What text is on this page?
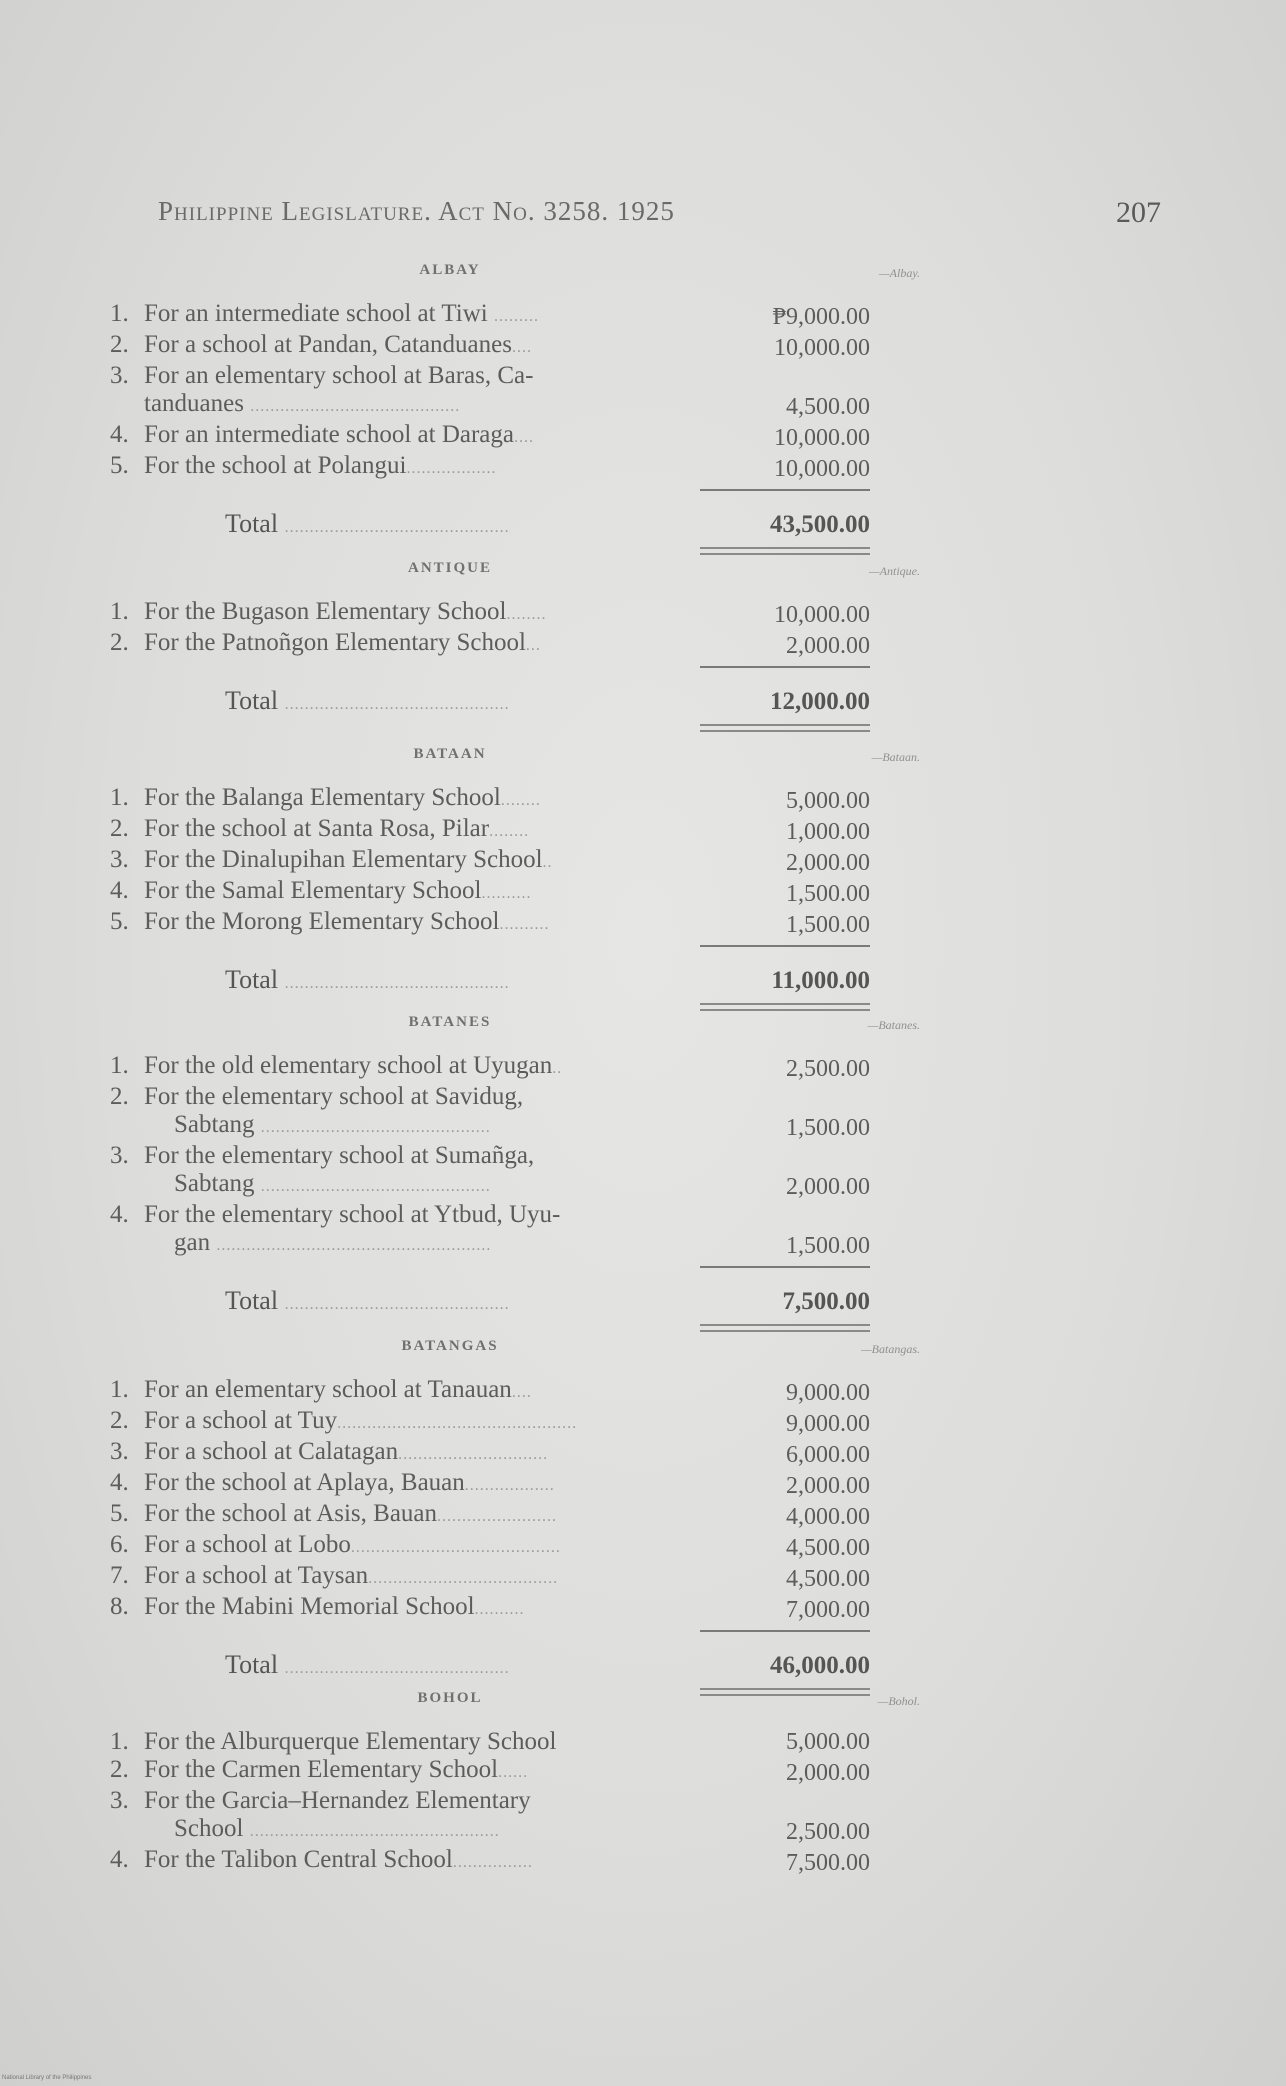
Philippine Legislature. Act No. 3258. 1925	207
ALBAY	—Albay.
1. For an intermediate school at Tiwi .........	₱9,000.00
2. For a school at Pandan, Catanduanes....	10,000.00
3. For an elementary school at Baras, Ca-
tanduanes ..........................................	4,500.00
4. For an intermediate school at Daraga....	10,000.00
5. For the school at Polangui..................	10,000.00
Total .............................................	43,500.00
ANTIQUE	—Antique.
1. For the Bugason Elementary School........	10,000.00
2. For the Patnoñgon Elementary School...	2,000.00
Total .............................................	12,000.00
BATAAN	—Bataan.
1. For the Balanga Elementary School........	5,000.00
2. For the school at Santa Rosa, Pilar........	1,000.00
3. For the Dinalupihan Elementary School..	2,000.00
4. For the Samal Elementary School..........	1,500.00
5. For the Morong Elementary School..........	1,500.00
Total .............................................	11,000.00
BATANES	—Batanes.
1. For the old elementary school at Uyugan..	2,500.00
2. For the elementary school at Savidug,
Sabtang ..............................................	1,500.00
3. For the elementary school at Sumañga,
Sabtang ..............................................	2,000.00
4. For the elementary school at Ytbud, Uyu-
gan .......................................................	1,500.00
Total .............................................	7,500.00
BATANGAS	—Batangas.
1. For an elementary school at Tanauan....	9,000.00
2. For a school at Tuy................................................	9,000.00
3. For a school at Calatagan..............................	6,000.00
4. For the school at Aplaya, Bauan..................	2,000.00
5. For the school at Asis, Bauan........................	4,000.00
6. For a school at Lobo..........................................	4,500.00
7. For a school at Taysan......................................	4,500.00
8. For the Mabini Memorial School..........	7,000.00
Total .............................................	46,000.00
BOHOL	—Bohol.
1. For the Alburquerque Elementary School	5,000.00
2. For the Carmen Elementary School......	2,000.00
3. For the Garcia–Hernandez Elementary
School ..................................................	2,500.00
4. For the Talibon Central School................	7,500.00
National Library of the Philippines
